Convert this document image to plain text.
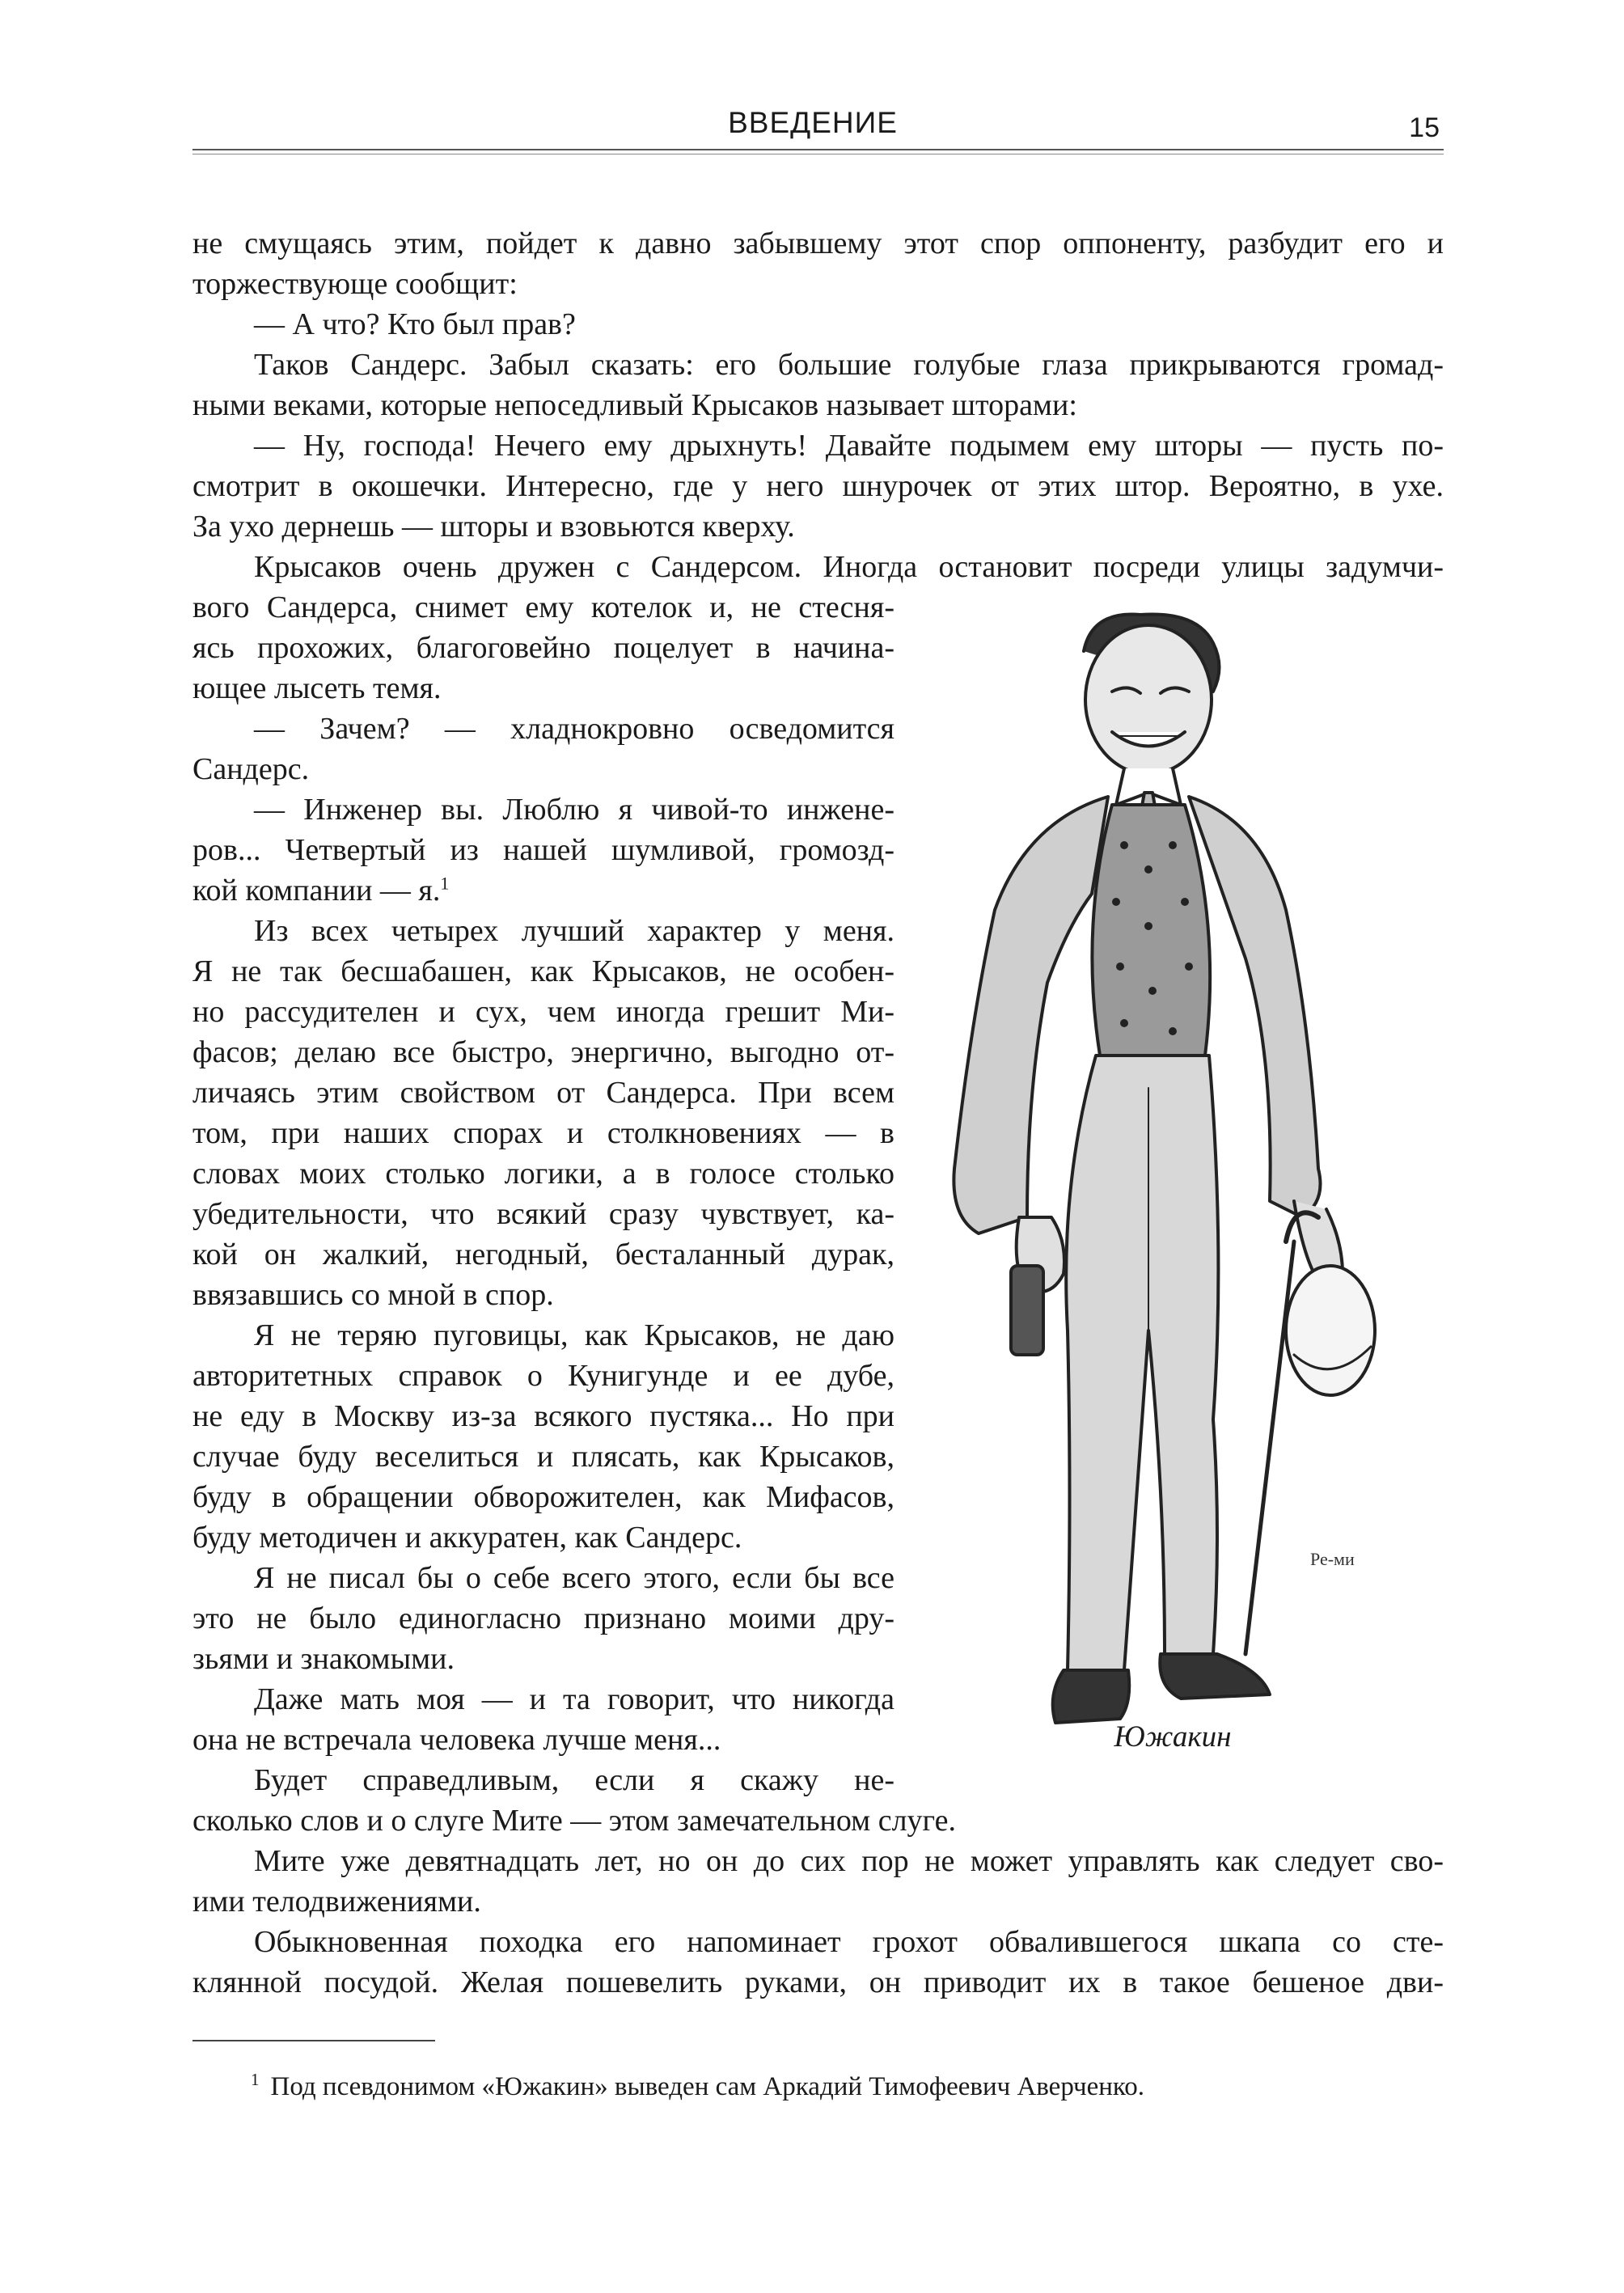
ВВЕДЕНИЕ	15
не смущаясь этим, пойдет к давно забывшему этот спор оппоненту, разбудит его и
торжествующе сообщит:
— А что? Кто был прав?
Таков Сандерс. Забыл сказать: его большие голубые глаза прикрываются громад-
ными веками, которые непоседливый Крысаков называет шторами:
— Ну, господа! Нечего ему дрыхнуть! Давайте подымем ему шторы — пусть по-
смотрит в окошечки. Интересно, где у него шнурочек от этих штор. Вероятно, в ухе.
За ухо дернешь — шторы и взовьются кверху.
Крысаков очень дружен с Сандерсом. Иногда остановит посреди улицы задумчи-
вого Сандерса, снимет ему котелок и, не стесня-
ясь прохожих, благоговейно поцелует в начина-
ющее лысеть темя.
— Зачем? — хладнокровно осведомится
Сандерс.
— Инженер вы. Люблю я чивой-то инжене-
ров... Четвертый из нашей шумливой, громозд-
кой компании — я.$^1$
Из всех четырех лучший характер у меня.
Я не так бесшабашен, как Крысаков, не особен-
но рассудителен и сух, чем иногда грешит Ми-
фасов; делаю все быстро, энергично, выгодно от-
личаясь этим свойством от Сандерса. При всем
том, при наших спорах и столкновениях — в
словах моих столько логики, а в голосе столько
убедительности, что всякий сразу чувствует, ка-
кой он жалкий, негодный, бесталанный дурак,
ввязавшись со мной в спор.
Я не теряю пуговицы, как Крысаков, не даю
авторитетных справок о Кунигунде и ее дубе,
не еду в Москву из-за всякого пустяка... Но при
случае буду веселиться и плясать, как Крысаков,
буду в обращении обворожителен, как Мифасов,
буду методичен и аккуратен, как Сандерс.
Я не писал бы о себе всего этого, если бы все
это не было единогласно признано моими дру-
зьями и знакомыми.
Даже мать моя — и та говорит, что никогда
она не встречала человека лучше меня...
Будет справедливым, если я скажу не-
сколько слов и о слуге Мите — этом замечательном слуге.
Мите уже девятнадцать лет, но он до сих пор не может управлять как следует сво-
ими телодвижениями.
Обыкновенная походка его напоминает грохот обвалившегося шкапа со сте-
клянной посудой. Желая пошевелить руками, он приводит их в такое бешеное дви-
Ре-ми
Южакин
$^1$ Под псевдонимом «Южакин» выведен сам Аркадий Тимофеевич Аверченко.
